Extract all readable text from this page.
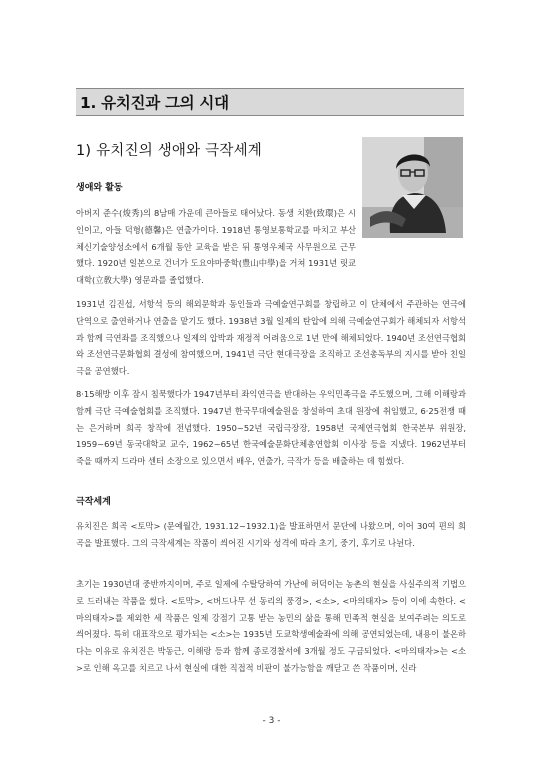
1. 유치진과 그의 시대
1) 유치진의 생애와 극작세계
생애와 활동

아버지 준수(焌秀)의 8남매 가운데 큰아들로 태어났다. 동생 치환(致環)은 시인이고, 아들 덕형(德馨)은 연출가이다. 1918년 통영보통학교를 마치고 부산 체신기술양성소에서 6개월 동안 교육을 받은 뒤 통영우체국 사무원으로 근무했다. 1920년 일본으로 건너가 도요야마중학(豊山中學)을 거쳐 1931년 릿쿄대학(立敎大學) 영문과를 졸업했다.

1931년 김진섭, 서항석 등의 해외문학과 동인들과 극예술연구회를 창립하고 이 단체에서 주관하는 연극에 단역으로 출연하거나 연출을 맡기도 했다. 1938년 3월 일제의 탄압에 의해 극예술연구회가 해체되자 서항석과 함께 극연좌를 조직했으나 일제의 압박과 재정적 어려움으로 1년 만에 해체되었다. 1940년 조선연극협회와 조선연극문화협회 결성에 참여했으며, 1941년 극단 현대극장을 조직하고 조선총독부의 지시를 받아 친일극을 공연했다.

8·15해방 이후 잠시 침묵했다가 1947년부터 좌익연극을 반대하는 우익민족극을 주도했으며, 그해 이해랑과 함께 극단 극예술협회를 조직했다. 1947년 한국무대예술원을 창설하여 초대 원장에 취임했고, 6·25전쟁 때는 은거하며 희곡 창작에 전념했다. 1950~52년 국립극장장, 1958년 국제연극협회 한국본부 위원장, 1959~69년 동국대학교 교수, 1962~65년 한국예술문화단체총연합회 이사장 등을 지냈다. 1962년부터 죽을 때까지 드라마 센터 소장으로 있으면서 배우, 연출가, 극작가 등을 배출하는 데 힘썼다.

극작세계

유치진은 희곡 <토막> (문예월간, 1931.12~1932.1)을 발표하면서 문단에 나왔으며, 이어 30여 편의 희곡을 발표했다. 그의 극작세계는 작품이 씌어진 시기와 성격에 따라 초기, 중기, 후기로 나뉜다.

초기는 1930년대 중반까지이며, 주로 일제에 수탈당하여 가난에 허덕이는 농촌의 현실을 사실주의적 기법으로 드러내는 작품을 썼다. <토막>, <버드나무 선 동리의 풍경>, <소>, <마의태자> 등이 이에 속한다. <마의태자>를 제외한 세 작품은 일제 강점기 고통 받는 농민의 삶을 통해 민족적 현실을 보여주려는 의도로 씌어졌다. 특히 대표작으로 평가되는 <소>는 1935년 도쿄학생예술좌에 의해 공연되었는데, 내용이 불온하다는 이유로 유치진은 박동근, 이해랑 등과 함께 종로경찰서에 3개월 정도 구금되었다. <마의태자>는 <소>로 인해 옥고를 치르고 나서 현실에 대한 직접적 비판이 불가능함을 깨닫고 쓴 작품이며, 신라

- 3 -
